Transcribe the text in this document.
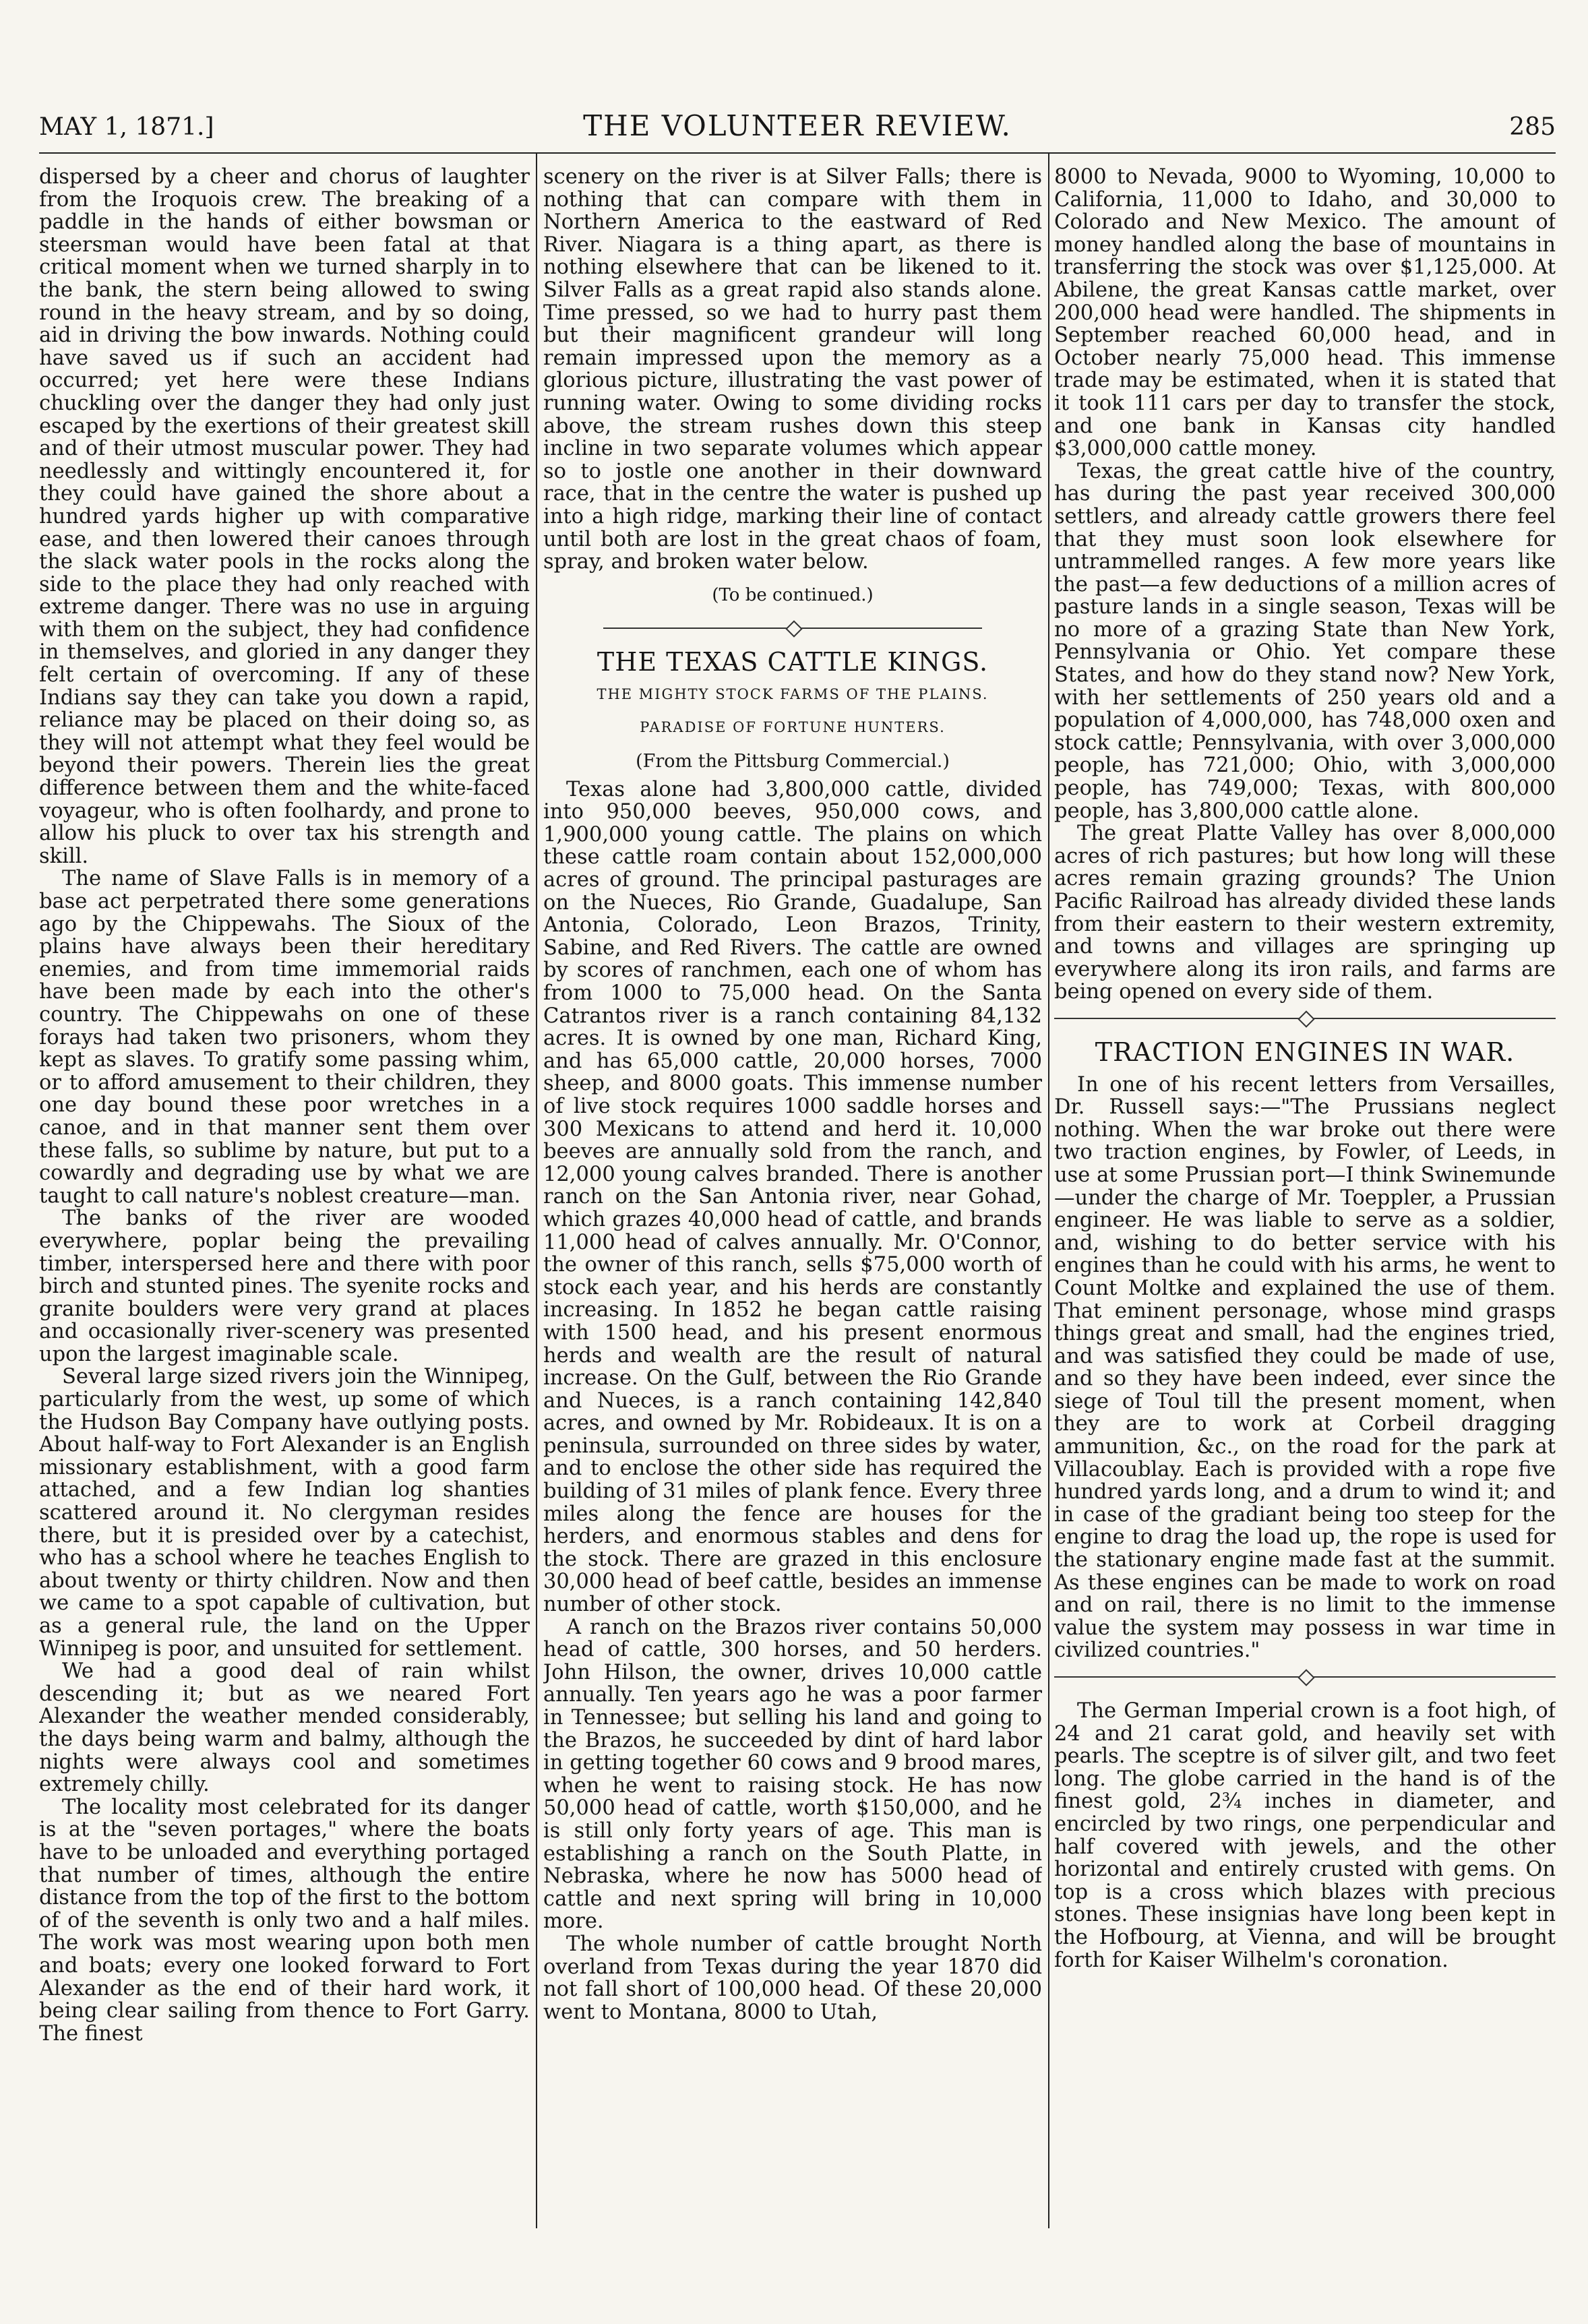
MAY 1, 1871.]	THE VOLUNTEER REVIEW.	285

dispersed by a cheer and chorus of laughter from the Iroquois crew. The breaking of a paddle in the hands of either bowsman or steersman would have been fatal at that critical moment when we turned sharply in to the bank, the stern being allowed to swing round in the heavy stream, and by so doing, aid in driving the bow inwards. Nothing could have saved us if such an accident had occurred; yet here were these Indians chuckling over the danger they had only just escaped by the exertions of their greatest skill and of their utmost muscular power. They had needlessly and wittingly encountered it, for they could have gained the shore about a hundred yards higher up with comparative ease, and then lowered their canoes through the slack water pools in the rocks along the side to the place they had only reached with extreme danger. There was no use in arguing with them on the subject, they had confidence in themselves, and gloried in any danger they felt certain of overcoming. If any of these Indians say they can take you down a rapid, reliance may be placed on their doing so, as they will not attempt what they feel would be beyond their powers. Therein lies the great difference between them and the white-faced voyageur, who is often foolhardy, and prone to allow his pluck to over tax his strength and skill.

The name of Slave Falls is in memory of a base act perpetrated there some generations ago by the Chippewahs. The Sioux of the plains have always been their hereditary enemies, and from time immemorial raids have been made by each into the other's country. The Chippewahs on one of these forays had taken two prisoners, whom they kept as slaves. To gratify some passing whim, or to afford amusement to their children, they one day bound these poor wretches in a canoe, and in that manner sent them over these falls, so sublime by nature, but put to a cowardly and degrading use by what we are taught to call nature's noblest creature—man.

The banks of the river are wooded everywhere, poplar being the prevailing timber, interspersed here and there with poor birch and stunted pines. The syenite rocks and granite boulders were very grand at places and occasionally river-scenery was presented upon the largest imaginable scale.

Several large sized rivers join the Winnipeg, particularly from the west, up some of which the Hudson Bay Company have outlying posts. About half-way to Fort Alexander is an English missionary establishment, with a good farm attached, and a few Indian log shanties scattered around it. No clergyman resides there, but it is presided over by a catechist, who has a school where he teaches English to about twenty or thirty children. Now and then we came to a spot capable of cultivation, but as a general rule, the land on the Upper Winnipeg is poor, and unsuited for settlement.

We had a good deal of rain whilst descending it; but as we neared Fort Alexander the weather mended considerably, the days being warm and balmy, although the nights were always cool and sometimes extremely chilly.

The locality most celebrated for its danger is at the "seven portages," where the boats have to be unloaded and everything portaged that number of times, although the entire distance from the top of the first to the bottom of of the seventh is only two and a half miles. The work was most wearing upon both men and boats; every one looked forward to Fort Alexander as the end of their hard work, it being clear sailing from thence to Fort Garry. The finest

scenery on the river is at Silver Falls; there is nothing that can compare with them in Northern America to the eastward of Red River. Niagara is a thing apart, as there is nothing elsewhere that can be likened to it. Silver Falls as a great rapid also stands alone. Time pressed, so we had to hurry past them but their magnificent grandeur will long remain impressed upon the memory as a glorious picture, illustrating the vast power of running water. Owing to some dividing rocks above, the stream rushes down this steep incline in two separate volumes which appear so to jostle one another in their downward race, that in the centre the water is pushed up into a high ridge, marking their line of contact until both are lost in the great chaos of foam, spray, and broken water below.

(To be continued.)
THE TEXAS CATTLE KINGS.
THE MIGHTY STOCK FARMS OF THE PLAINS.
PARADISE OF FORTUNE HUNTERS.
(From the Pittsburg Commercial.)

Texas alone had 3,800,000 cattle, divided into 950,000 beeves, 950,000 cows, and 1,900,000 young cattle. The plains on which these cattle roam contain about 152,000,000 acres of ground. The principal pasturages are on the Nueces, Rio Grande, Guadalupe, San Antonia, Colorado, Leon Brazos, Trinity, Sabine, and Red Rivers. The cattle are owned by scores of ranchmen, each one of whom has from 1000 to 75,000 head. On the Santa Catrantos river is a ranch containing 84,132 acres. It is owned by one man, Richard King, and has 65,000 cattle, 20,000 horses, 7000 sheep, and 8000 goats. This immense number of live stock requires 1000 saddle horses and 300 Mexicans to attend and herd it. 10,000 beeves are annually sold from the ranch, and 12,000 young calves branded. There is another ranch on the San Antonia river, near Gohad, which grazes 40,000 head of cattle, and brands 11,000 head of calves annually. Mr. O'Connor, the owner of this ranch, sells $75,000 worth of stock each year, and his herds are constantly increasing. In 1852 he began cattle raising with 1500 head, and his present enormous herds and wealth are the result of natural increase. On the Gulf, between the Rio Grande and Nueces, is a ranch containing 142,840 acres, and owned by Mr. Robideaux. It is on a peninsula, surrounded on three sides by water, and to enclose the other side has required the building of 31 miles of plank fence. Every three miles along the fence are houses for the herders, and enormous stables and dens for the stock. There are grazed in this enclosure 30,000 head of beef cattle, besides an immense number of other stock.

A ranch on the Brazos river contains 50,000 head of cattle, 300 horses, and 50 herders. John Hilson, the owner, drives 10,000 cattle annually. Ten years ago he was a poor farmer in Tennessee; but selling his land and going to the Brazos, he succeeded by dint of hard labor in getting together 60 cows and 9 brood mares, when he went to raising stock. He has now 50,000 head of cattle, worth $150,000, and he is still only forty years of age. This man is establishing a ranch on the South Platte, in Nebraska, where he now has 5000 head of cattle and next spring will bring in 10,000 more.

The whole number of cattle brought North overland from Texas during the year 1870 did not fall short of 100,000 head. Of these 20,000 went to Montana, 8000 to Utah,

8000 to Nevada, 9000 to Wyoming, 10,000 to California, 11,000 to Idaho, and 30,000 to Colorado and New Mexico. The amount of money handled along the base of mountains in transferring the stock was over $1,125,000. At Abilene, the great Kansas cattle market, over 200,000 head were handled. The shipments in September reached 60,000 head, and in October nearly 75,000 head. This immense trade may be estimated, when it is stated that it took 111 cars per day to transfer the stock, and one bank in Kansas city handled $3,000,000 cattle money.

Texas, the great cattle hive of the country, has during the past year received 300,000 settlers, and already cattle growers there feel that they must soon look elsewhere for untrammelled ranges. A few more years like the past—a few deductions of a million acres of pasture lands in a single season, Texas will be no more of a grazing State than New York, Pennsylvania or Ohio. Yet compare these States, and how do they stand now? New York, with her settlements of 250 years old and a population of 4,000,000, has 748,000 oxen and stock cattle; Pennsylvania, with over 3,000,000 people, has 721,000; Ohio, with 3,000,000 people, has 749,000; Texas, with 800,000 people, has 3,800,000 cattle alone.

The great Platte Valley has over 8,000,000 acres of rich pastures; but how long will these acres remain grazing grounds? The Union Pacific Railroad has already divided these lands from their eastern to their western extremity, and towns and villages are springing up everywhere along its iron rails, and farms are being opened on every side of them.

TRACTION ENGINES IN WAR.

In one of his recent letters from Versailles, Dr. Russell says:—"The Prussians neglect nothing. When the war broke out there were two traction engines, by Fowler, of Leeds, in use at some Prussian port—I think Swinemunde—under the charge of Mr. Toeppler, a Prussian engineer. He was liable to serve as a soldier, and, wishing to do better service with his engines than he could with his arms, he went to Count Moltke and explained the use of them. That eminent personage, whose mind grasps things great and small, had the engines tried, and was satisfied they could be made of use, and so they have been indeed, ever since the siege of Toul till the present moment, when they are to work at Corbeil dragging ammunition, &c., on the road for the park at Villacoublay. Each is provided with a rope five hundred yards long, and a drum to wind it; and in case of the gradiant being too steep for the engine to drag the load up, the rope is used for the stationary engine made fast at the summit. As these engines can be made to work on road and on rail, there is no limit to the immense value the system may possess in war time in civilized countries."

The German Imperial crown is a foot high, of 24 and 21 carat gold, and heavily set with pearls. The sceptre is of silver gilt, and two feet long. The globe carried in the hand is of the finest gold, 2¾ inches in diameter, and encircled by two rings, one perpendicular and half covered with jewels, and the other horizontal and entirely crusted with gems. On top is a cross which blazes with precious stones. These insignias have long been kept in the Hofbourg, at Vienna, and will be brought forth for Kaiser Wilhelm's coronation.
